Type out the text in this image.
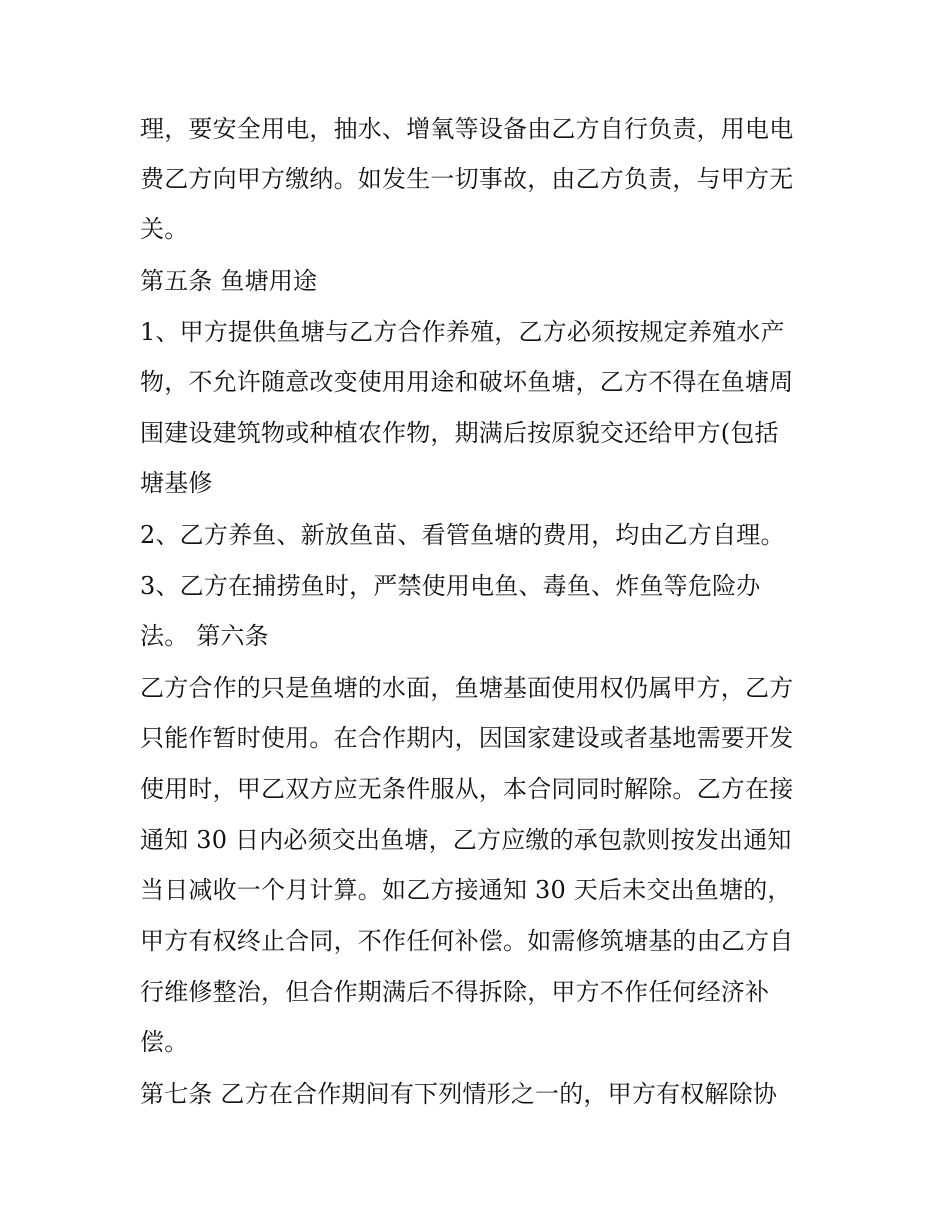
理，要安全用电，抽水、增氧等设备由乙方自行负责，用电电
费乙方向甲方缴纳。如发生一切事故，由乙方负责，与甲方无
关。
第五条 鱼塘用途
1、甲方提供鱼塘与乙方合作养殖，乙方必须按规定养殖水产
物，不允许随意改变使用用途和破坏鱼塘，乙方不得在鱼塘周
围建设建筑物或种植农作物，期满后按原貌交还给甲方(包括
塘基修
2、乙方养鱼、新放鱼苗、看管鱼塘的费用，均由乙方自理。
3、乙方在捕捞鱼时，严禁使用电鱼、毒鱼、炸鱼等危险办
法。 第六条
乙方合作的只是鱼塘的水面，鱼塘基面使用权仍属甲方，乙方
只能作暂时使用。在合作期内，因国家建设或者基地需要开发
使用时，甲乙双方应无条件服从，本合同同时解除。乙方在接
通知 30 日内必须交出鱼塘，乙方应缴的承包款则按发出通知
当日减收一个月计算。如乙方接通知 30 天后未交出鱼塘的，
甲方有权终止合同，不作任何补偿。如需修筑塘基的由乙方自
行维修整治，但合作期满后不得拆除，甲方不作任何经济补
偿。
第七条 乙方在合作期间有下列情形之一的，甲方有权解除协
